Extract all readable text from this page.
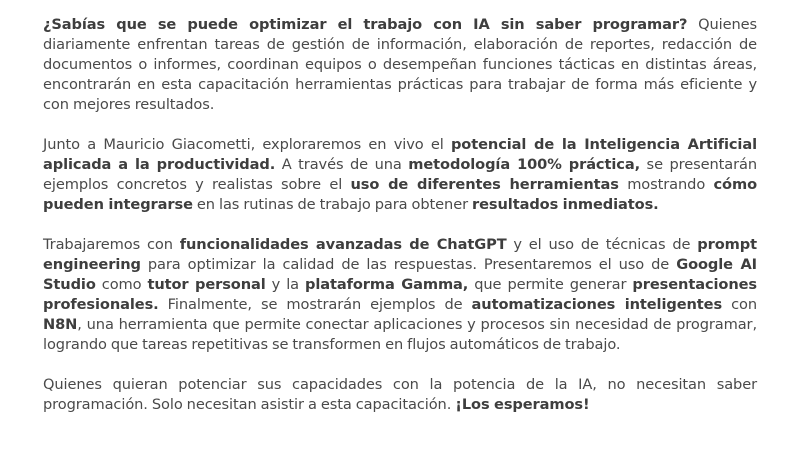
¿Sabías que se puede optimizar el trabajo con IA sin saber programar? Quienes diariamente enfrentan tareas de gestión de información, elaboración de reportes, redacción de documentos o informes, coordinan equipos o desempeñan funciones tácticas en distintas áreas, encontrarán en esta capacitación herramientas prácticas para trabajar de forma más eficiente y con mejores resultados.

Junto a Mauricio Giacometti, exploraremos en vivo el potencial de la Inteligencia Artificial aplicada a la productividad. A través de una metodología 100% práctica, se presentarán ejemplos concretos y realistas sobre el uso de diferentes herramientas mostrando cómo pueden integrarse en las rutinas de trabajo para obtener resultados inmediatos.

Trabajaremos con funcionalidades avanzadas de ChatGPT y el uso de técnicas de prompt engineering para optimizar la calidad de las respuestas. Presentaremos el uso de Google AI Studio como tutor personal y la plataforma Gamma, que permite generar presentaciones profesionales. Finalmente, se mostrarán ejemplos de automatizaciones inteligentes con N8N, una herramienta que permite conectar aplicaciones y procesos sin necesidad de programar, logrando que tareas repetitivas se transformen en flujos automáticos de trabajo.

Quienes quieran potenciar sus capacidades con la potencia de la IA, no necesitan saber programación. Solo necesitan asistir a esta capacitación. ¡Los esperamos!
